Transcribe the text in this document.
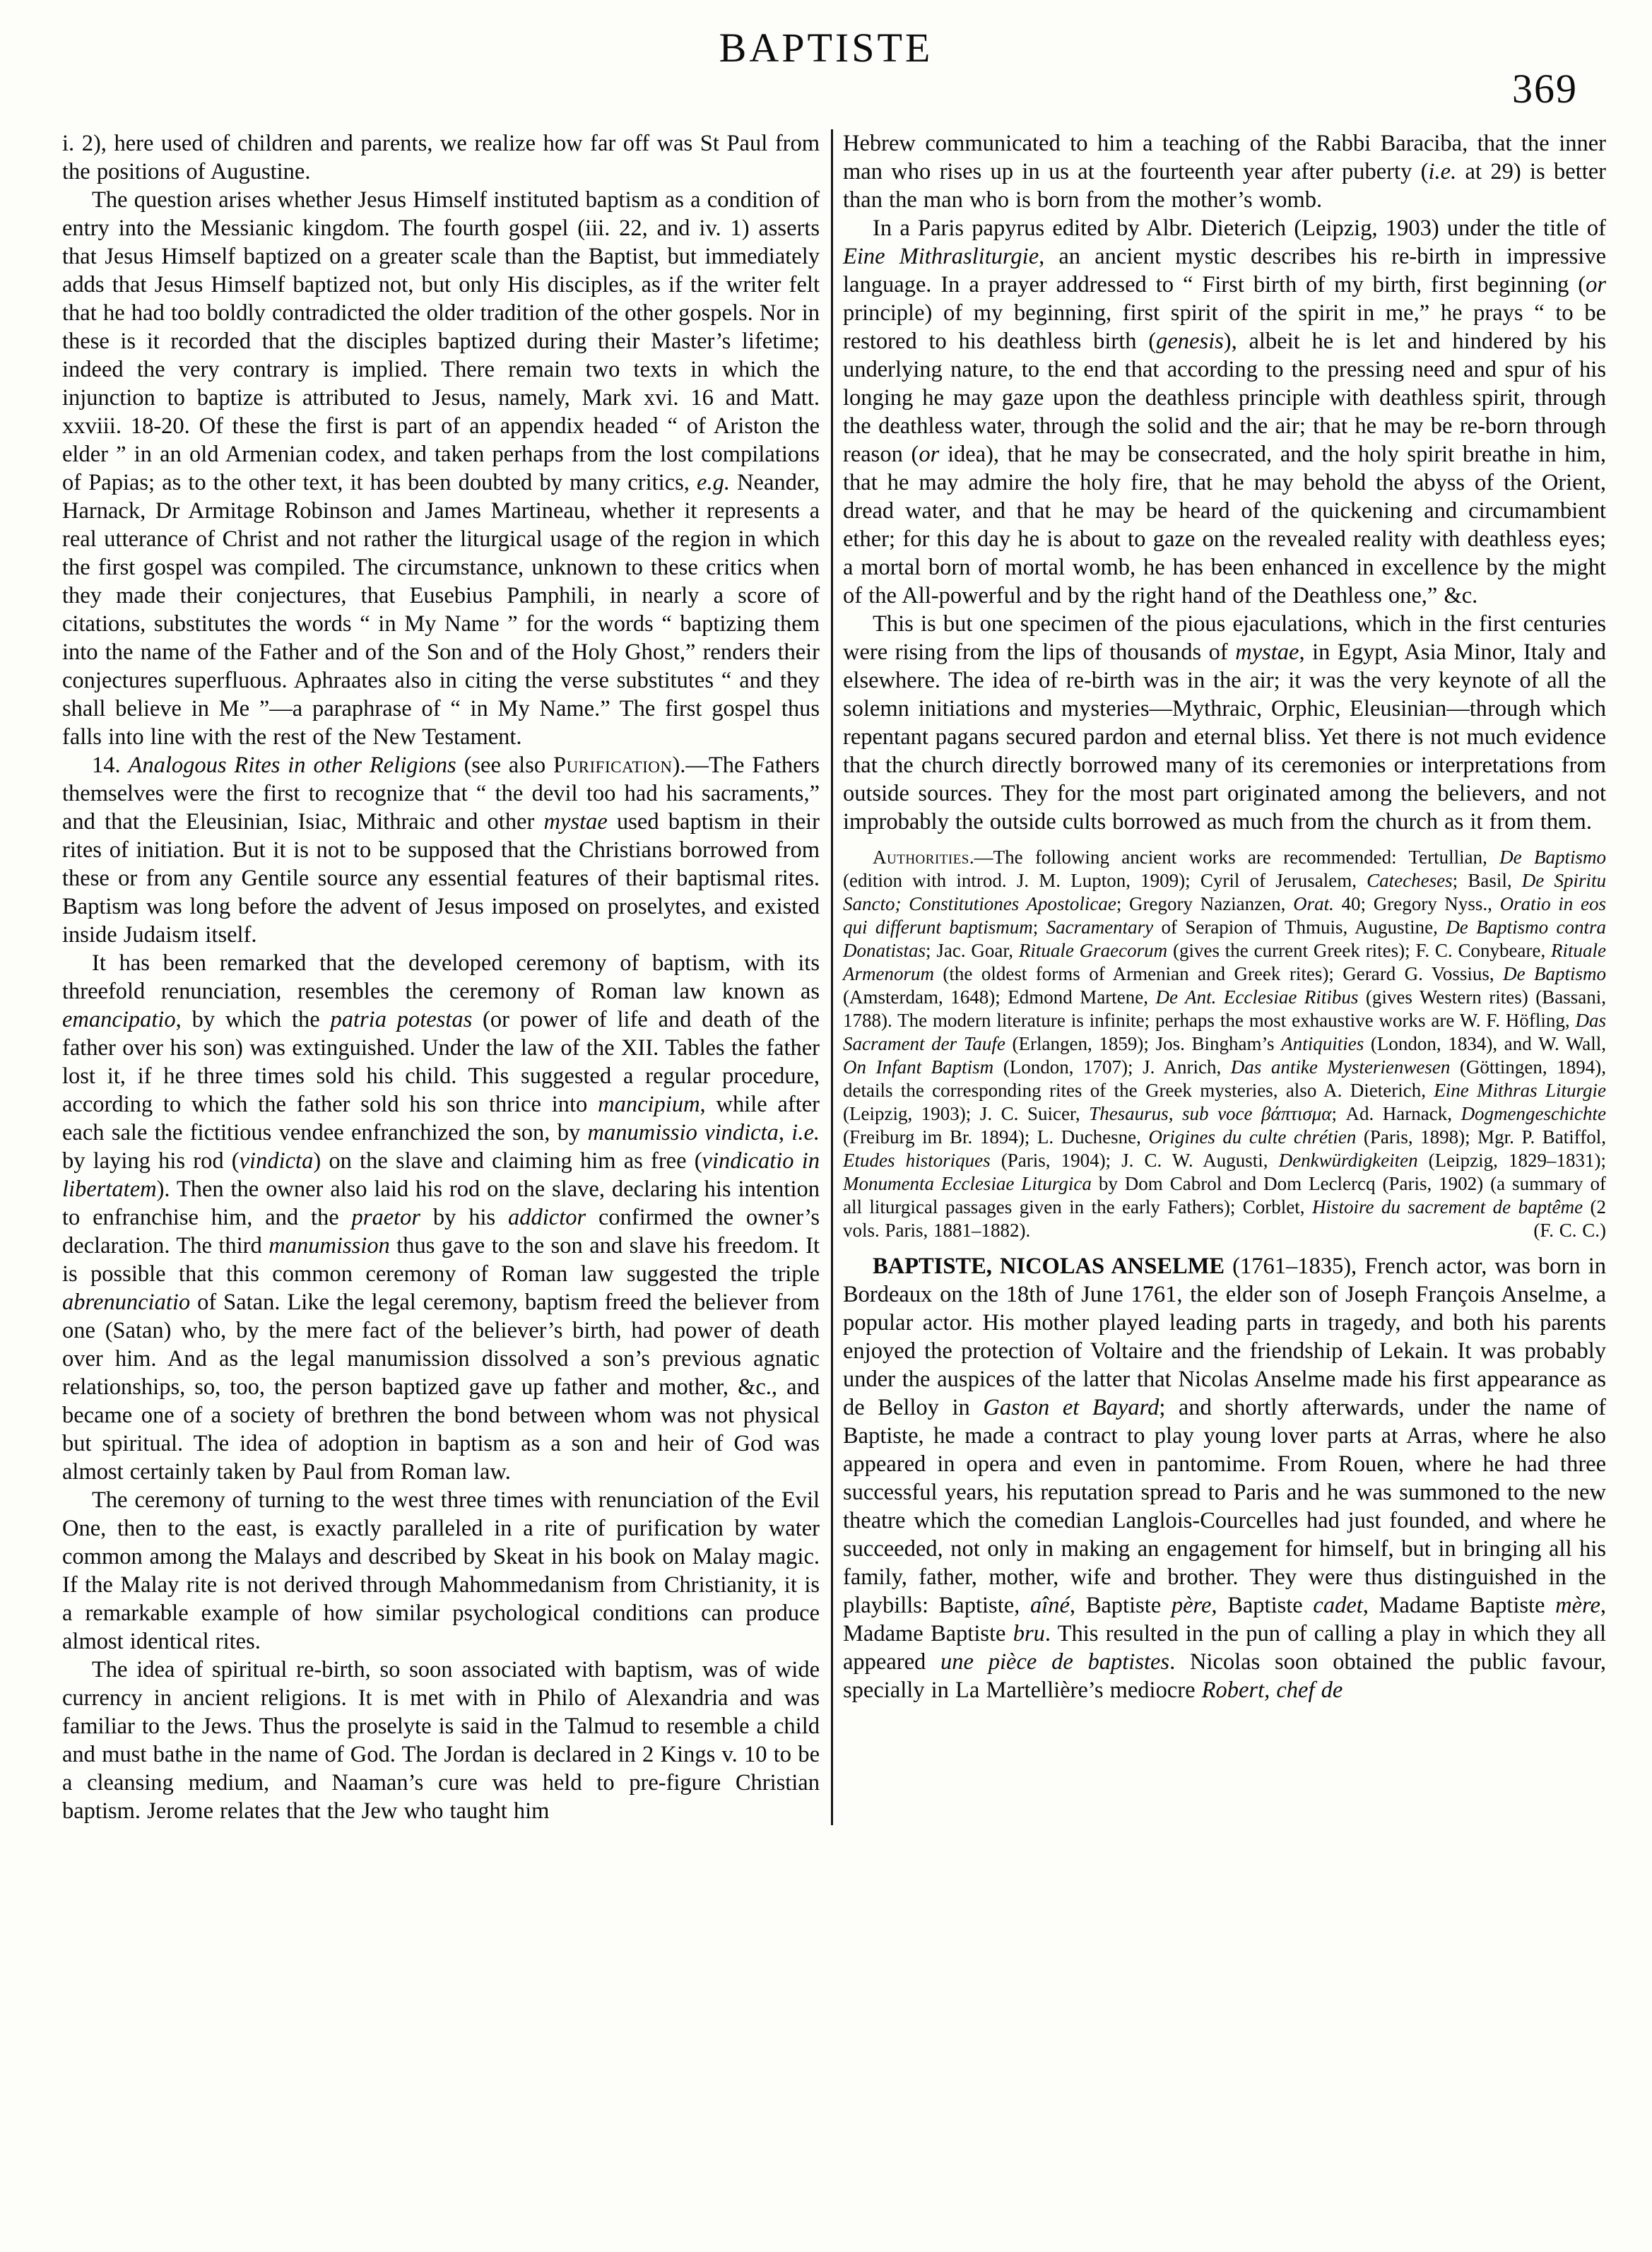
BAPTISTE
369

i. 2), here used of children and parents, we realize how far off was St Paul from the positions of Augustine.

The question arises whether Jesus Himself instituted baptism as a condition of entry into the Messianic kingdom. The fourth gospel (iii. 22, and iv. 1) asserts that Jesus Himself baptized on a greater scale than the Baptist, but immediately adds that Jesus Himself baptized not, but only His disciples, as if the writer felt that he had too boldly contradicted the older tradition of the other gospels. Nor in these is it recorded that the disciples baptized during their Master’s lifetime; indeed the very contrary is implied. There remain two texts in which the injunction to baptize is attributed to Jesus, namely, Mark xvi. 16 and Matt. xxviii. 18-20. Of these the first is part of an appendix headed “ of Ariston the elder ” in an old Armenian codex, and taken perhaps from the lost compilations of Papias; as to the other text, it has been doubted by many critics, e.g. Neander, Harnack, Dr Armitage Robinson and James Martineau, whether it represents a real utterance of Christ and not rather the liturgical usage of the region in which the first gospel was compiled. The circumstance, unknown to these critics when they made their conjectures, that Eusebius Pamphili, in nearly a score of citations, substitutes the words “ in My Name ” for the words “ baptizing them into the name of the Father and of the Son and of the Holy Ghost,” renders their conjectures superfluous. Aphraates also in citing the verse substitutes “ and they shall believe in Me ”—a paraphrase of “ in My Name.” The first gospel thus falls into line with the rest of the New Testament.

14. Analogous Rites in other Religions (see also Purification).—The Fathers themselves were the first to recognize that “ the devil too had his sacraments,” and that the Eleusinian, Isiac, Mithraic and other mystae used baptism in their rites of initiation. But it is not to be supposed that the Christians borrowed from these or from any Gentile source any essential features of their baptismal rites. Baptism was long before the advent of Jesus imposed on proselytes, and existed inside Judaism itself.

It has been remarked that the developed ceremony of baptism, with its threefold renunciation, resembles the ceremony of Roman law known as emancipatio, by which the patria potestas (or power of life and death of the father over his son) was extinguished. Under the law of the XII. Tables the father lost it, if he three times sold his child. This suggested a regular procedure, according to which the father sold his son thrice into mancipium, while after each sale the fictitious vendee enfranchized the son, by manumissio vindicta, i.e. by laying his rod (vindicta) on the slave and claiming him as free (vindicatio in libertatem). Then the owner also laid his rod on the slave, declaring his intention to enfranchise him, and the praetor by his addictor confirmed the owner’s declaration. The third manumission thus gave to the son and slave his freedom. It is possible that this common ceremony of Roman law suggested the triple abrenunciatio of Satan. Like the legal ceremony, baptism freed the believer from one (Satan) who, by the mere fact of the believer’s birth, had power of death over him. And as the legal manumission dissolved a son’s previous agnatic relationships, so, too, the person baptized gave up father and mother, &c., and became one of a society of brethren the bond between whom was not physical but spiritual. The idea of adoption in baptism as a son and heir of God was almost certainly taken by Paul from Roman law.

The ceremony of turning to the west three times with renunciation of the Evil One, then to the east, is exactly paralleled in a rite of purification by water common among the Malays and described by Skeat in his book on Malay magic. If the Malay rite is not derived through Mahommedanism from Christianity, it is a remarkable example of how similar psychological conditions can produce almost identical rites.

The idea of spiritual re-birth, so soon associated with baptism, was of wide currency in ancient religions. It is met with in Philo of Alexandria and was familiar to the Jews. Thus the proselyte is said in the Talmud to resemble a child and must bathe in the name of God. The Jordan is declared in 2 Kings v. 10 to be a cleansing medium, and Naaman’s cure was held to pre-figure Christian baptism. Jerome relates that the Jew who taught him

Hebrew communicated to him a teaching of the Rabbi Baraciba, that the inner man who rises up in us at the fourteenth year after puberty (i.e. at 29) is better than the man who is born from the mother’s womb.

In a Paris papyrus edited by Albr. Dieterich (Leipzig, 1903) under the title of Eine Mithrasliturgie, an ancient mystic describes his re-birth in impressive language. In a prayer addressed to “ First birth of my birth, first beginning (or principle) of my beginning, first spirit of the spirit in me,” he prays “ to be restored to his deathless birth (genesis), albeit he is let and hindered by his underlying nature, to the end that according to the pressing need and spur of his longing he may gaze upon the deathless principle with deathless spirit, through the deathless water, through the solid and the air; that he may be re-born through reason (or idea), that he may be consecrated, and the holy spirit breathe in him, that he may admire the holy fire, that he may behold the abyss of the Orient, dread water, and that he may be heard of the quickening and circumambient ether; for this day he is about to gaze on the revealed reality with deathless eyes; a mortal born of mortal womb, he has been enhanced in excellence by the might of the All-powerful and by the right hand of the Deathless one,” &c.

This is but one specimen of the pious ejaculations, which in the first centuries were rising from the lips of thousands of mystae, in Egypt, Asia Minor, Italy and elsewhere. The idea of re-birth was in the air; it was the very keynote of all the solemn initiations and mysteries—Mythraic, Orphic, Eleusinian—through which repentant pagans secured pardon and eternal bliss. Yet there is not much evidence that the church directly borrowed many of its ceremonies or interpretations from outside sources. They for the most part originated among the believers, and not improbably the outside cults borrowed as much from the church as it from them.

Authorities.—The following ancient works are recommended: Tertullian, De Baptismo (edition with introd. J. M. Lupton, 1909); Cyril of Jerusalem, Catecheses; Basil, De Spiritu Sancto; Constitutiones Apostolicae; Gregory Nazianzen, Orat. 40; Gregory Nyss., Oratio in eos qui differunt baptismum; Sacramentary of Serapion of Thmuis, Augustine, De Baptismo contra Donatistas; Jac. Goar, Rituale Graecorum (gives the current Greek rites); F. C. Conybeare, Rituale Armenorum (the oldest forms of Armenian and Greek rites); Gerard G. Vossius, De Baptismo (Amsterdam, 1648); Edmond Martene, De Ant. Ecclesiae Ritibus (gives Western rites) (Bassani, 1788). The modern literature is infinite; perhaps the most exhaustive works are W. F. Höfling, Das Sacrament der Taufe (Erlangen, 1859); Jos. Bingham’s Antiquities (London, 1834), and W. Wall, On Infant Baptism (London, 1707); J. Anrich, Das antike Mysterienwesen (Göttingen, 1894), details the corresponding rites of the Greek mysteries, also A. Dieterich, Eine Mithras Liturgie (Leipzig, 1903); J. C. Suicer, Thesaurus, sub voce βάπτισμα; Ad. Harnack, Dogmengeschichte (Freiburg im Br. 1894); L. Duchesne, Origines du culte chrétien (Paris, 1898); Mgr. P. Batiffol, Etudes historiques (Paris, 1904); J. C. W. Augusti, Denkwürdigkeiten (Leipzig, 1829–1831); Monumenta Ecclesiae Liturgica by Dom Cabrol and Dom Leclercq (Paris, 1902) (a summary of all liturgical passages given in the early Fathers); Corblet, Histoire du sacrement de baptême (2 vols. Paris, 1881–1882).	(F. C. C.)

BAPTISTE, NICOLAS ANSELME (1761–1835), French actor, was born in Bordeaux on the 18th of June 1761, the elder son of Joseph François Anselme, a popular actor. His mother played leading parts in tragedy, and both his parents enjoyed the protection of Voltaire and the friendship of Lekain. It was probably under the auspices of the latter that Nicolas Anselme made his first appearance as de Belloy in Gaston et Bayard; and shortly afterwards, under the name of Baptiste, he made a contract to play young lover parts at Arras, where he also appeared in opera and even in pantomime. From Rouen, where he had three successful years, his reputation spread to Paris and he was summoned to the new theatre which the comedian Langlois-Courcelles had just founded, and where he succeeded, not only in making an engagement for himself, but in bringing all his family, father, mother, wife and brother. They were thus distinguished in the playbills: Baptiste, aîné, Baptiste père, Baptiste cadet, Madame Baptiste mère, Madame Baptiste bru. This resulted in the pun of calling a play in which they all appeared une pièce de baptistes. Nicolas soon obtained the public favour, specially in La Martellière’s mediocre Robert, chef de
